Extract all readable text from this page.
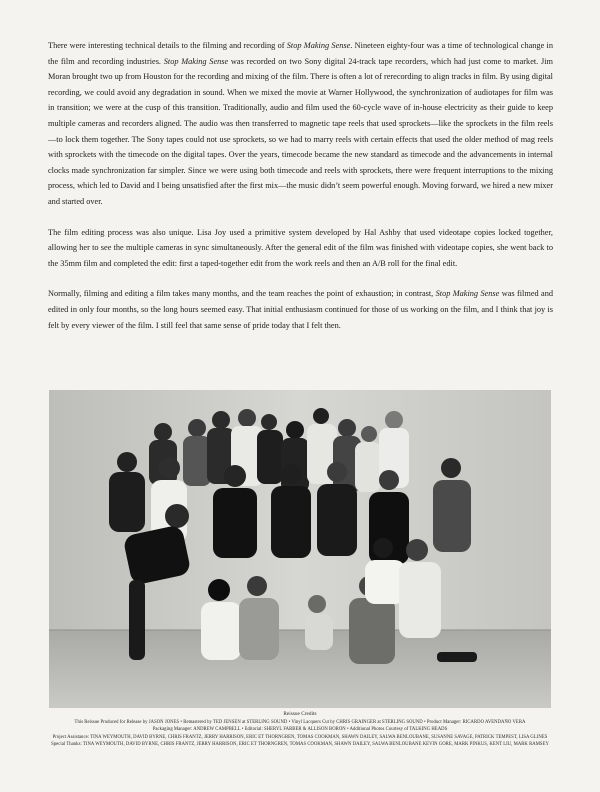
There were interesting technical details to the filming and recording of Stop Making Sense. Nineteen eighty-four was a time of technological change in the film and recording industries. Stop Making Sense was recorded on two Sony digital 24-track tape recorders, which had just come to market. Jim Moran brought two up from Houston for the recording and mixing of the film. There is often a lot of rerecording to align tracks in film. By using digital recording, we could avoid any degradation in sound. When we mixed the movie at Warner Hollywood, the synchronization of audiotapes for film was in transition; we were at the cusp of this transition. Traditionally, audio and film used the 60-cycle wave of in-house electricity as their guide to keep multiple cameras and recorders aligned. The audio was then transferred to magnetic tape reels that used sprockets—like the sprockets in the film reels—to lock them together. The Sony tapes could not use sprockets, so we had to marry reels with certain effects that used the older method of mag reels with sprockets with the timecode on the digital tapes. Over the years, timecode became the new standard as timecode and the advancements in internal clocks made synchronization far simpler. Since we were using both timecode and reels with sprockets, there were frequent interruptions to the mixing process, which led to David and I being unsatisfied after the first mix—the music didn’t seem powerful enough. Moving forward, we hired a new mixer and started over.

The film editing process was also unique. Lisa Joy used a primitive system developed by Hal Ashby that used videotape copies locked together, allowing her to see the multiple cameras in sync simultaneously. After the general edit of the film was finished with videotape copies, she went back to the 35mm film and completed the edit: first a taped-together edit from the work reels and then an A/B roll for the final edit.

Normally, filming and editing a film takes many months, and the team reaches the point of exhaustion; in contrast, Stop Making Sense was filmed and edited in only four months, so the long hours seemed easy. That initial enthusiasm continued for those of us working on the film, and I think that joy is felt by every viewer of the film. I still feel that same sense of pride today that I felt then.

Reissue Credits
This Reissue Produced for Release by JASON JONES • Remastered by TED JENSEN at STERLING SOUND • Vinyl Lacquers Cut by CHRIS GRAINGER at STERLING SOUND • Product Manager: RICARDO AVENDAÑO VERA
Packaging Manager: ANDREW CAMPBELL • Editorial: SHERYL FARBER & ALLISON BORON • Additional Photos Courtesy of TALKING HEADS
Project Assistance: TINA WEYMOUTH, DAVID BYRNE, CHRIS FRANTZ, JERRY HARRISON, ERIC ET THORNGREN, TOMAS COOKMAN, SHAWN DAILEY, SALWA BENLOUBANE, SUSANNE SAVAGE, PATRICK TEMPEST, LISA GLINES
Special Thanks: TINA WEYMOUTH, DAVID BYRNE, CHRIS FRANTZ, JERRY HARRISON, ERIC ET THORNGREN, TOMAS COOKMAN, SHAWN DAILEY, SALWA BENLOUBANE KEVIN GORE, MARK PINKUS, KENT LIU, MARK RAMSEY
